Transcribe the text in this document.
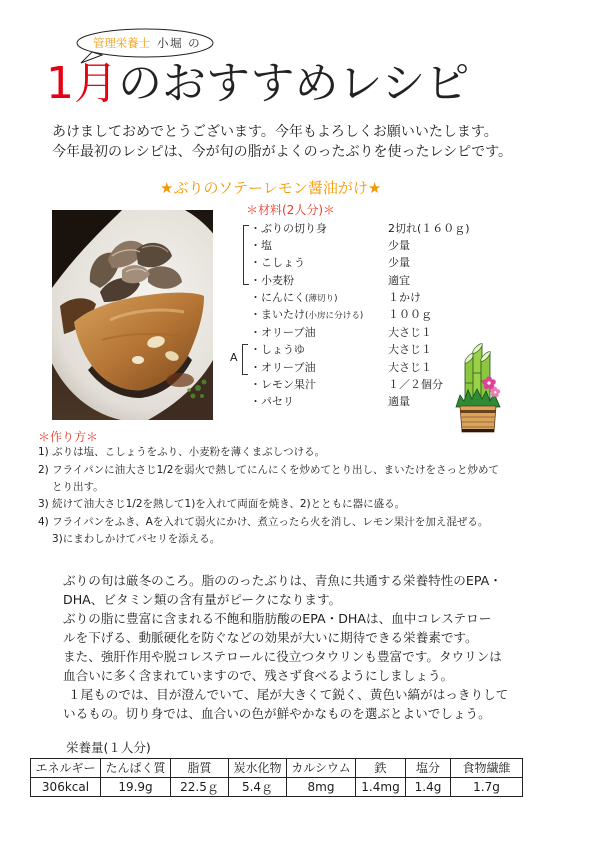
管理栄養士 小堀 の
1月のおすすめレシピ
あけましておめでとうございます。今年もよろしくお願いいたします。
今年最初のレシピは、今が旬の脂がよくのったぶりを使ったレシピです。
★ぶりのソテーレモン醤油がけ★
＊材料(2人分)＊
A
・ぶりの切り身	2切れ(１６０ｇ)
・塩	少量
・こしょう	少量
・小麦粉	適宜
・にんにく(薄切り)	１かけ
・まいたけ(小房に分ける) １００ｇ
・オリーブ油	大さじ１
・しょうゆ	大さじ１
・オリーブ油	大さじ１
・レモン果汁	１／２個分
・パセリ	適量
＊作り方＊
1) ぶりは塩、こしょうをふり、小麦粉を薄くまぶしつける。
2) フライパンに油大さじ1/2を弱火で熱してにんにくを炒めてとり出し、まいたけをさっと炒めて
とり出す。
3) 続けて油大さじ1/2を熱して1)を入れて両面を焼き、2)とともに器に盛る。
4) フライパンをふき、Aを入れて弱火にかけ、煮立ったら火を消し、レモン果汁を加え混ぜる。
3)にまわしかけてパセリを添える。
ぶりの旬は厳冬のころ。脂ののったぶりは、青魚に共通する栄養特性のEPA・
DHA、ビタミン類の含有量がピークになります。
ぶりの脂に豊富に含まれる不飽和脂肪酸のEPA・DHAは、血中コレステロー
ルを下げる、動脈硬化を防ぐなどの効果が大いに期待できる栄養素です。
また、強肝作用や脱コレステロールに役立つタウリンも豊富です。タウリンは
血合いに多く含まれていますので、残さず食べるようにしましょう。
１尾ものでは、目が澄んでいて、尾が大きくて鋭く、黄色い縞がはっきりして
いるもの。切り身では、血合いの色が鮮やかなものを選ぶとよいでしょう。
栄養量(１人分)
エネルギー	たんぱく質	脂質	炭水化物	カルシウム	鉄	塩分	食物繊維
306kcal	19.9g	22.5ｇ	5.4ｇ	8mg	1.4mg	1.4g	1.7g
